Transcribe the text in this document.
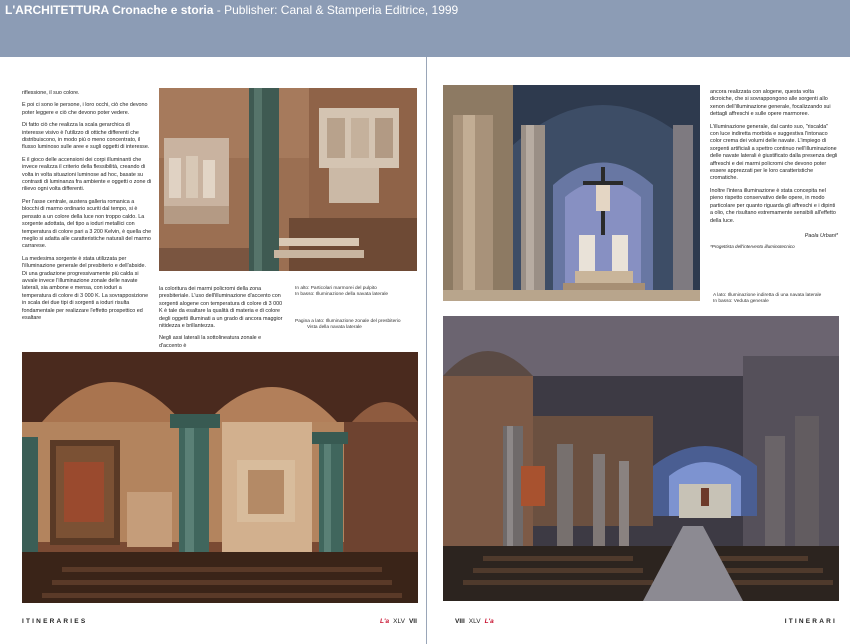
L'ARCHITETTURA Cronache e storia - Publisher: Canal & Stamperia Editrice, 1999

riflessione, il suo colore.

E poi ci sono le persone, i loro occhi, ciò che devono poter leggere e ciò che devono poter vedere.

Di fatto ciò che realizza la scala gerarchica di interesse visivo è l'utilizzo di ottiche differenti che distribuiscono, in modo più o meno concentrato, il flusso luminoso sulle aree e sugli oggetti di interesse.

E il gioco delle accensioni dei corpi illuminanti che invece realizza il criterio della flessibilità, creando di volta in volta situazioni luminose ad hoc, basate su contrasti di luminanza fra ambiente e oggetti o zone di rilievo ogni volta differenti.

Per l'asse centrale, austera galleria romanica a blocchi di marmo ordinario scuriti dal tempo, si è pensato a un colore della luce non troppo caldo. La sorgente adottata, del tipo a ioduri metallici con temperatura di colore pari a 3 200 Kelvin, è quella che meglio si adatta alle caratteristiche naturali del marmo carrarese.

La medesima sorgente è stata utilizzata per l'illuminazione generale del presbiterio e dell'abside. Di una gradazione progressivamente più calda si avvale invece l'illuminazione zonale delle navate laterali, sia ambone e mensa, con ioduri a temperatura di colore di 3 000 K. La sovrapposizione in scala dei due tipi di sorgenti a ioduri risulta fondamentale per realizzare l'effetto prospettico ed esaltare

la coloritura dei marmi policromi della zona presbiteriale. L'uso dell'illuminazione d'accento con sorgenti alogene con temperatura di colore di 3 000 K è tale da esaltare la qualità di materia e di colore degli oggetti illuminati a un grado di ancora maggior nitidezza e brillantezza.

Negli assi laterali la sottolineatura zonale e d'accento è

In alto: Particolari marmorei del pulpito
In basso: Illuminazione della navata laterale
Pagina a lato: Illuminazione zonale del presbiterio
Vista della navata laterale

ancora realizzata con alogene, questa volta dicroiche, che si sovrappongono alle sorgenti allo xenon dell'illuminazione generale, focalizzando sui dettagli affreschi e sulle opere marmoree.

L'illuminazione generale, dal canto suo, "riscalda" con luce indiretta morbida e suggestiva l'intonaco color crema dei volumi delle navate. L'impiego di sorgenti artificiali a spettro continuo nell'illuminazione delle navate laterali è giustificato dalla presenza degli affreschi e dei marmi policromi che devono poter essere apprezzati per le loro caratteristiche cromatiche.

Inoltre l'intera illuminazione è stata concepita nel pieno rispetto conservativo delle opere, in modo particolare per quanto riguarda gli affreschi e i dipinti a olio, che risultano estremamente sensibili all'effetto della luce.

Paola Urbani*
*Progettista dell'intervento illuminotecnico
A lato: Illuminazione indiretta di una navata laterale
In basso: Veduta generale
ITINERARIES	L'a XLV VII	VIII XLV L'a	ITINERARI
